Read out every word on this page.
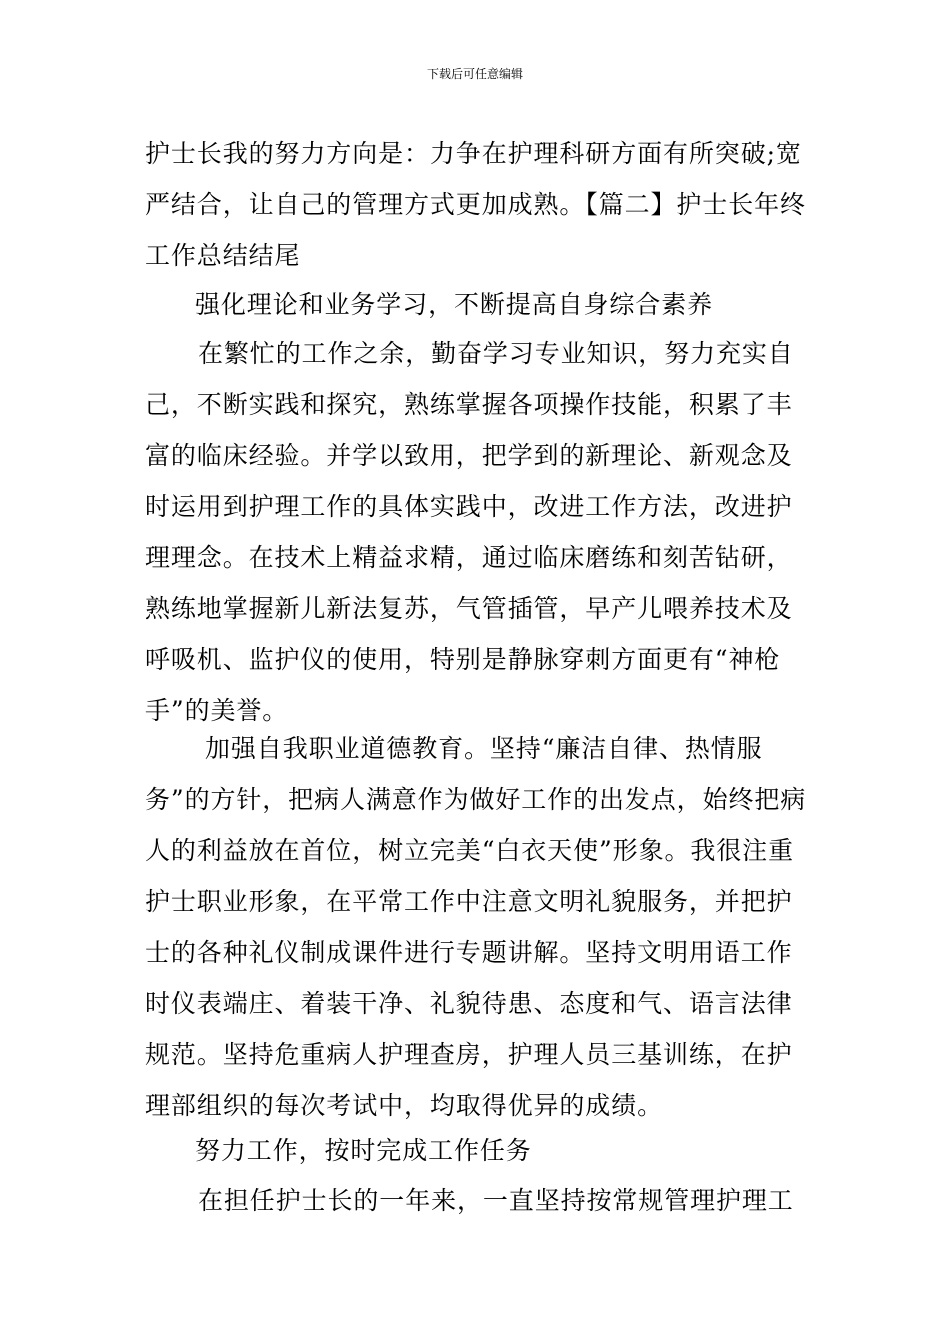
下载后可任意编辑

护士长我的努力方向是：力争在护理科研方面有所突破;宽严结合，让自己的管理方式更加成熟。【篇二】护士长年终工作总结结尾

强化理论和业务学习，不断提高自身综合素养

在繁忙的工作之余，勤奋学习专业知识，努力充实自己，不断实践和探究，熟练掌握各项操作技能，积累了丰富的临床经验。并学以致用，把学到的新理论、新观念及时运用到护理工作的具体实践中，改进工作方法，改进护理理念。在技术上精益求精，通过临床磨练和刻苦钻研，熟练地掌握新儿新法复苏，气管插管，早产儿喂养技术及呼吸机、监护仪的使用，特别是静脉穿刺方面更有“神枪手”的美誉。

加强自我职业道德教育。坚持“廉洁自律、热情服务”的方针，把病人满意作为做好工作的出发点，始终把病人的利益放在首位，树立完美“白衣天使”形象。我很注重护士职业形象，在平常工作中注意文明礼貌服务，并把护士的各种礼仪制成课件进行专题讲解。坚持文明用语工作时仪表端庄、着装干净、礼貌待患、态度和气、语言法律规范。坚持危重病人护理查房，护理人员三基训练，在护理部组织的每次考试中，均取得优异的成绩。

努力工作，按时完成工作任务

在担任护士长的一年来，一直坚持按常规管理护理工
